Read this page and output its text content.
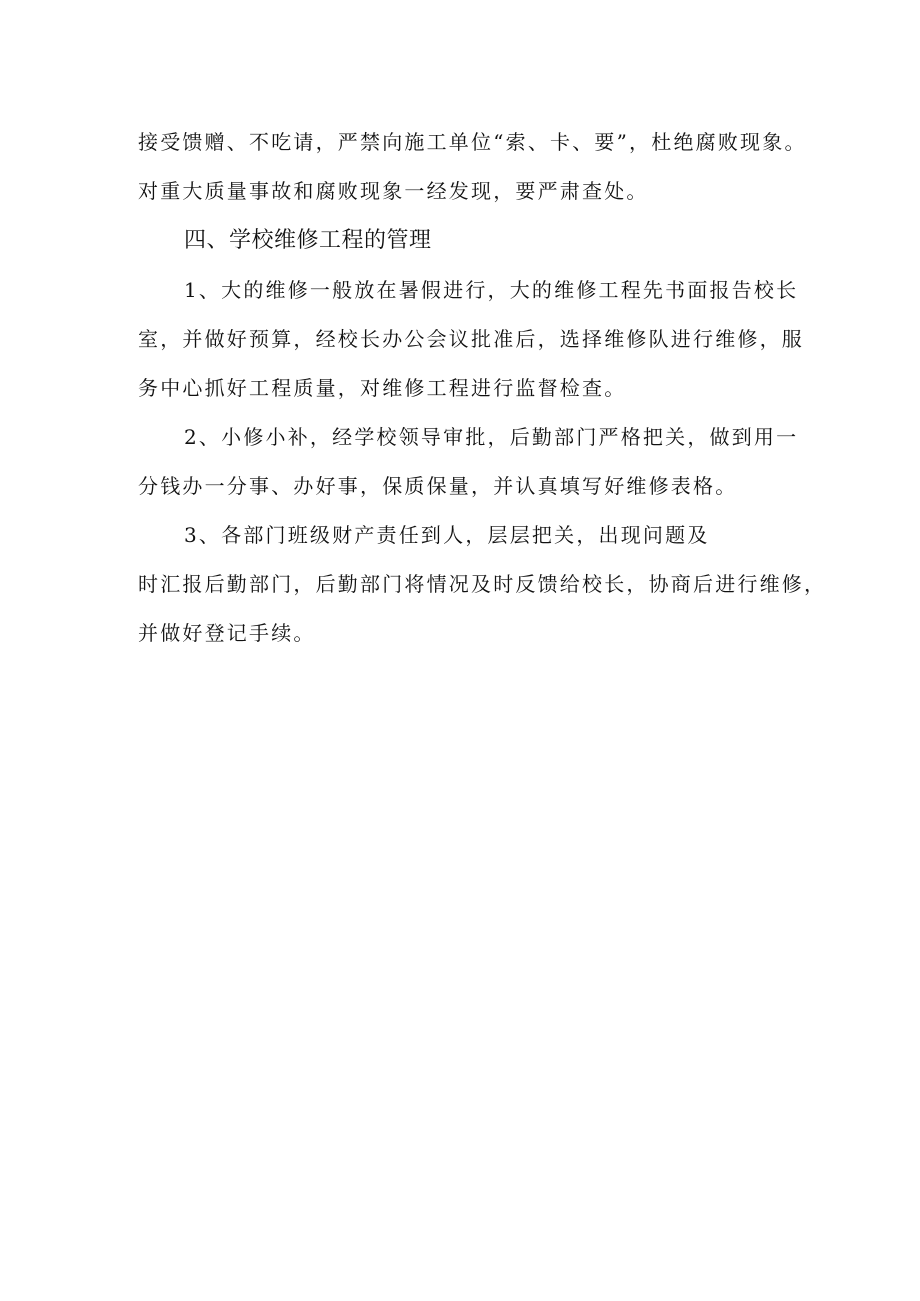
接受馈赠、不吃请，严禁向施工单位“索、卡、要”，杜绝腐败现象。
对重大质量事故和腐败现象一经发现，要严肃查处。
四、学校维修工程的管理
1、大的维修一般放在暑假进行，大的维修工程先书面报告校长
室，并做好预算，经校长办公会议批准后，选择维修队进行维修，服
务中心抓好工程质量，对维修工程进行监督检查。
2、小修小补，经学校领导审批，后勤部门严格把关，做到用一
分钱办一分事、办好事，保质保量，并认真填写好维修表格。
3、各部门班级财产责任到人，层层把关，出现问题及
时汇报后勤部门，后勤部门将情况及时反馈给校长，协商后进行维修，
并做好登记手续。
